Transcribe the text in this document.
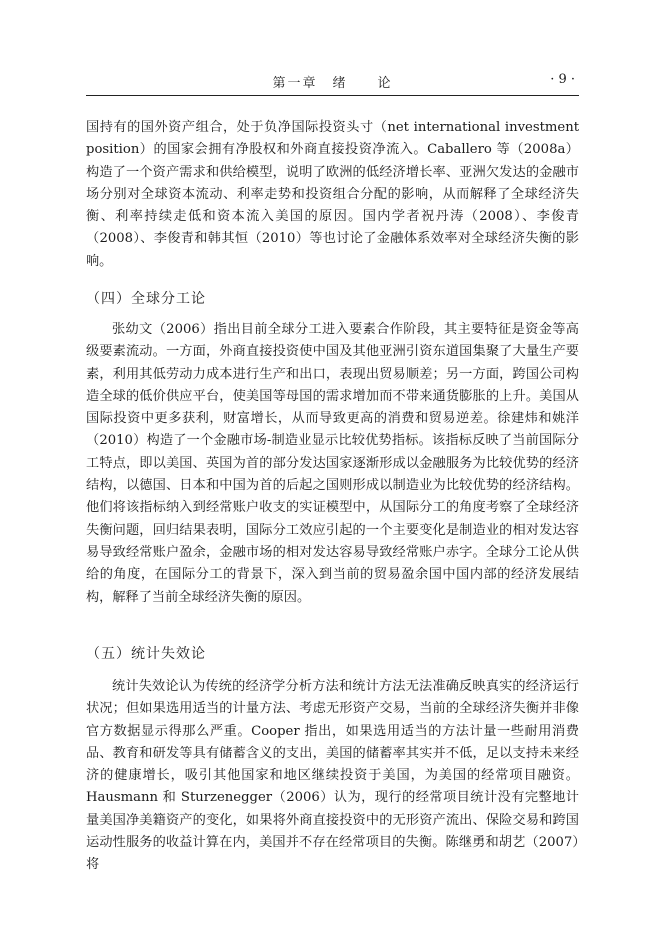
第一章　绪　　论	· 9 ·

国持有的国外资产组合，处于负净国际投资头寸（net international investment position）的国家会拥有净股权和外商直接投资净流入。Caballero 等（2008a）构造了一个资产需求和供给模型，说明了欧洲的低经济增长率、亚洲欠发达的金融市场分别对全球资本流动、利率走势和投资组合分配的影响，从而解释了全球经济失衡、利率持续走低和资本流入美国的原因。国内学者祝丹涛（2008）、李俊青（2008）、李俊青和韩其恒（2010）等也讨论了金融体系效率对全球经济失衡的影响。

（四）全球分工论

张幼文（2006）指出目前全球分工进入要素合作阶段，其主要特征是资金等高级要素流动。一方面，外商直接投资使中国及其他亚洲引资东道国集聚了大量生产要素，利用其低劳动力成本进行生产和出口，表现出贸易顺差；另一方面，跨国公司构造全球的低价供应平台，使美国等母国的需求增加而不带来通货膨胀的上升。美国从国际投资中更多获利，财富增长，从而导致更高的消费和贸易逆差。徐建炜和姚洋（2010）构造了一个金融市场-制造业显示比较优势指标。该指标反映了当前国际分工特点，即以美国、英国为首的部分发达国家逐渐形成以金融服务为比较优势的经济结构，以德国、日本和中国为首的后起之国则形成以制造业为比较优势的经济结构。他们将该指标纳入到经常账户收支的实证模型中，从国际分工的角度考察了全球经济失衡问题，回归结果表明，国际分工效应引起的一个主要变化是制造业的相对发达容易导致经常账户盈余，金融市场的相对发达容易导致经常账户赤字。全球分工论从供给的角度，在国际分工的背景下，深入到当前的贸易盈余国中国内部的经济发展结构，解释了当前全球经济失衡的原因。

（五）统计失效论

统计失效论认为传统的经济学分析方法和统计方法无法准确反映真实的经济运行状况；但如果选用适当的计量方法、考虑无形资产交易，当前的全球经济失衡并非像官方数据显示得那么严重。Cooper 指出，如果选用适当的方法计量一些耐用消费品、教育和研发等具有储蓄含义的支出，美国的储蓄率其实并不低，足以支持未来经济的健康增长，吸引其他国家和地区继续投资于美国，为美国的经常项目融资。Hausmann 和 Sturzenegger（2006）认为，现行的经常项目统计没有完整地计量美国净美籍资产的变化，如果将外商直接投资中的无形资产流出、保险交易和跨国运动性服务的收益计算在内，美国并不存在经常项目的失衡。陈继勇和胡艺（2007）将
